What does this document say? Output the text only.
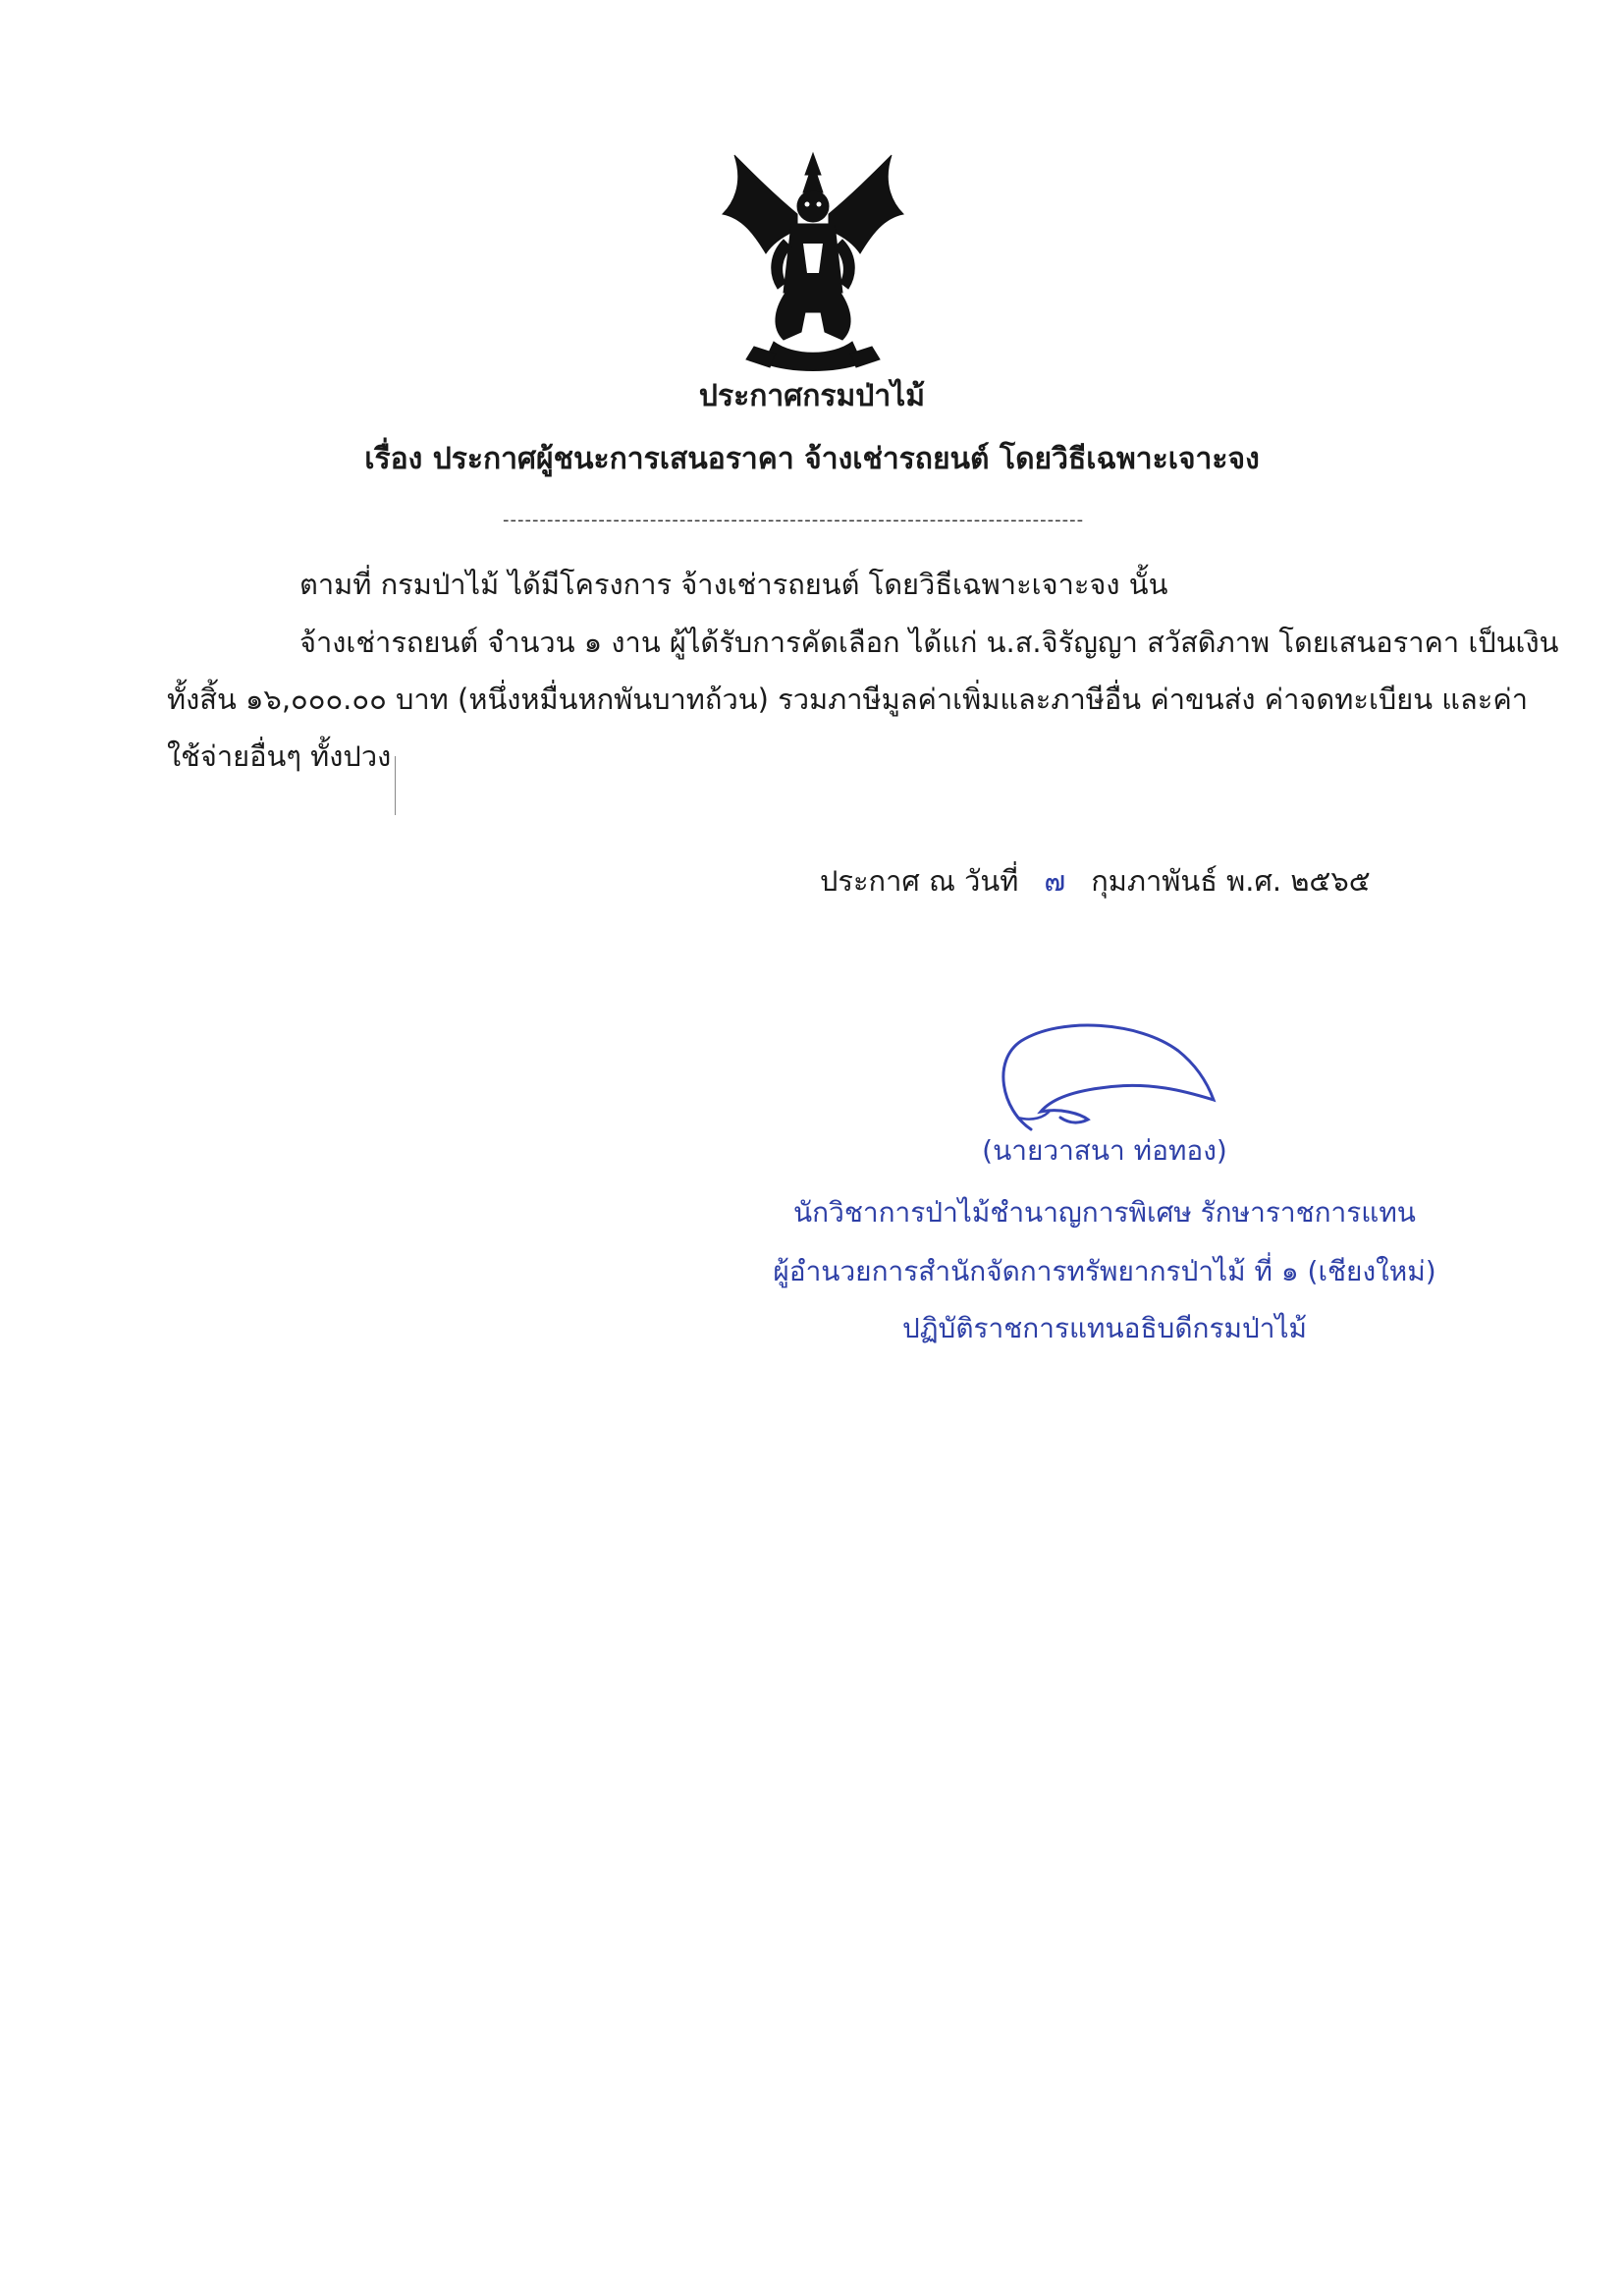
ประกาศกรมป่าไม้
เรื่อง ประกาศผู้ชนะการเสนอราคา จ้างเช่ารถยนต์ โดยวิธีเฉพาะเจาะจง
-------------------------------------------------------------------------------
ตามที่ กรมป่าไม้ ได้มีโครงการ จ้างเช่ารถยนต์ โดยวิธีเฉพาะเจาะจง นั้น
จ้างเช่ารถยนต์ จำนวน ๑ งาน ผู้ได้รับการคัดเลือก ได้แก่ น.ส.จิรัญญา สวัสดิภาพ โดยเสนอราคา เป็นเงิน
ทั้งสิ้น ๑๖,๐๐๐.๐๐ บาท (หนึ่งหมื่นหกพันบาทถ้วน) รวมภาษีมูลค่าเพิ่มและภาษีอื่น ค่าขนส่ง ค่าจดทะเบียน และค่า
ใช้จ่ายอื่นๆ ทั้งปวง
ประกาศ ณ วันที่ ๗ กุมภาพันธ์ พ.ศ. ๒๕๖๕
(นายวาสนา ท่อทอง)
นักวิชาการป่าไม้ชำนาญการพิเศษ รักษาราชการแทน
ผู้อำนวยการสำนักจัดการทรัพยากรป่าไม้ ที่ ๑ (เชียงใหม่)
ปฏิบัติราชการแทนอธิบดีกรมป่าไม้
